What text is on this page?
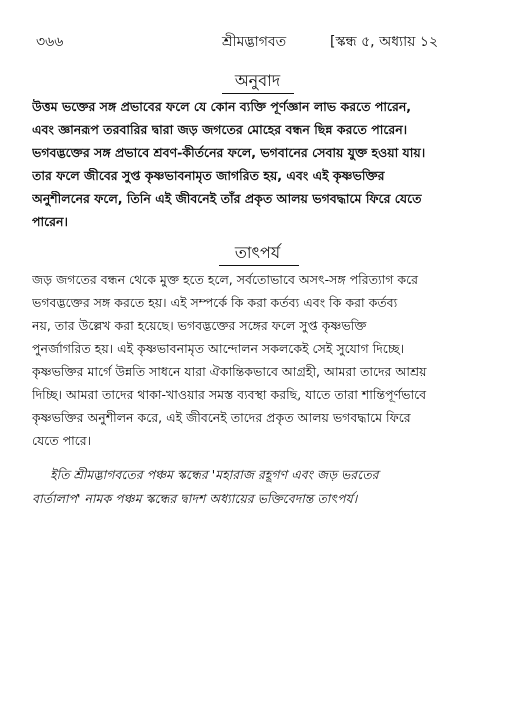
৩৬৬	শ্রীমদ্ভাগবত	[স্কন্ধ ৫, অধ্যায় ১২
অনুবাদ
উত্তম ভক্তের সঙ্গ প্রভাবের ফলে যে কোন ব্যক্তি পূর্ণজ্ঞান লাভ করতে পারেন,
এবং জ্ঞানরূপ তরবারির দ্বারা জড় জগতের মোহের বন্ধন ছিন্ন করতে পারেন।
ভগবদ্ভক্তের সঙ্গ প্রভাবে শ্রবণ-কীর্তনের ফলে, ভগবানের সেবায় যুক্ত হওয়া যায়।
তার ফলে জীবের সুপ্ত কৃষ্ণভাবনামৃত জাগরিত হয়, এবং এই কৃষ্ণভক্তির
অনুশীলনের ফলে, তিনি এই জীবনেই তাঁর প্রকৃত আলয় ভগবদ্ধামে ফিরে যেতে
পারেন।
তাৎপর্য
জড় জগতের বন্ধন থেকে মুক্ত হতে হলে, সর্বতোভাবে অসৎ-সঙ্গ পরিত্যাগ করে
ভগবদ্ভক্তের সঙ্গ করতে হয়। এই সম্পর্কে কি করা কর্তব্য এবং কি করা কর্তব্য
নয়, তার উল্লেখ করা হয়েছে। ভগবদ্ভক্তের সঙ্গের ফলে সুপ্ত কৃষ্ণভক্তি
পুনর্জাগরিত হয়। এই কৃষ্ণভাবনামৃত আন্দোলন সকলকেই সেই সুযোগ দিচ্ছে।
কৃষ্ণভক্তির মার্গে উন্নতি সাধনে যারা ঐকান্তিকভাবে আগ্রহী, আমরা তাদের আশ্রয়
দিচ্ছি। আমরা তাদের থাকা-খাওয়ার সমস্ত ব্যবস্থা করছি, যাতে তারা শান্তিপূর্ণভাবে
কৃষ্ণভক্তির অনুশীলন করে, এই জীবনেই তাদের প্রকৃত আলয় ভগবদ্ধামে ফিরে
যেতে পারে।
ইতি শ্রীমদ্ভাগবতের পঞ্চম স্কন্ধের 'মহারাজ রহূগণ এবং জড় ভরতের
বার্তালাপ' নামক পঞ্চম স্কন্ধের দ্বাদশ অধ্যায়ের ভক্তিবেদান্ত তাৎপর্য।
